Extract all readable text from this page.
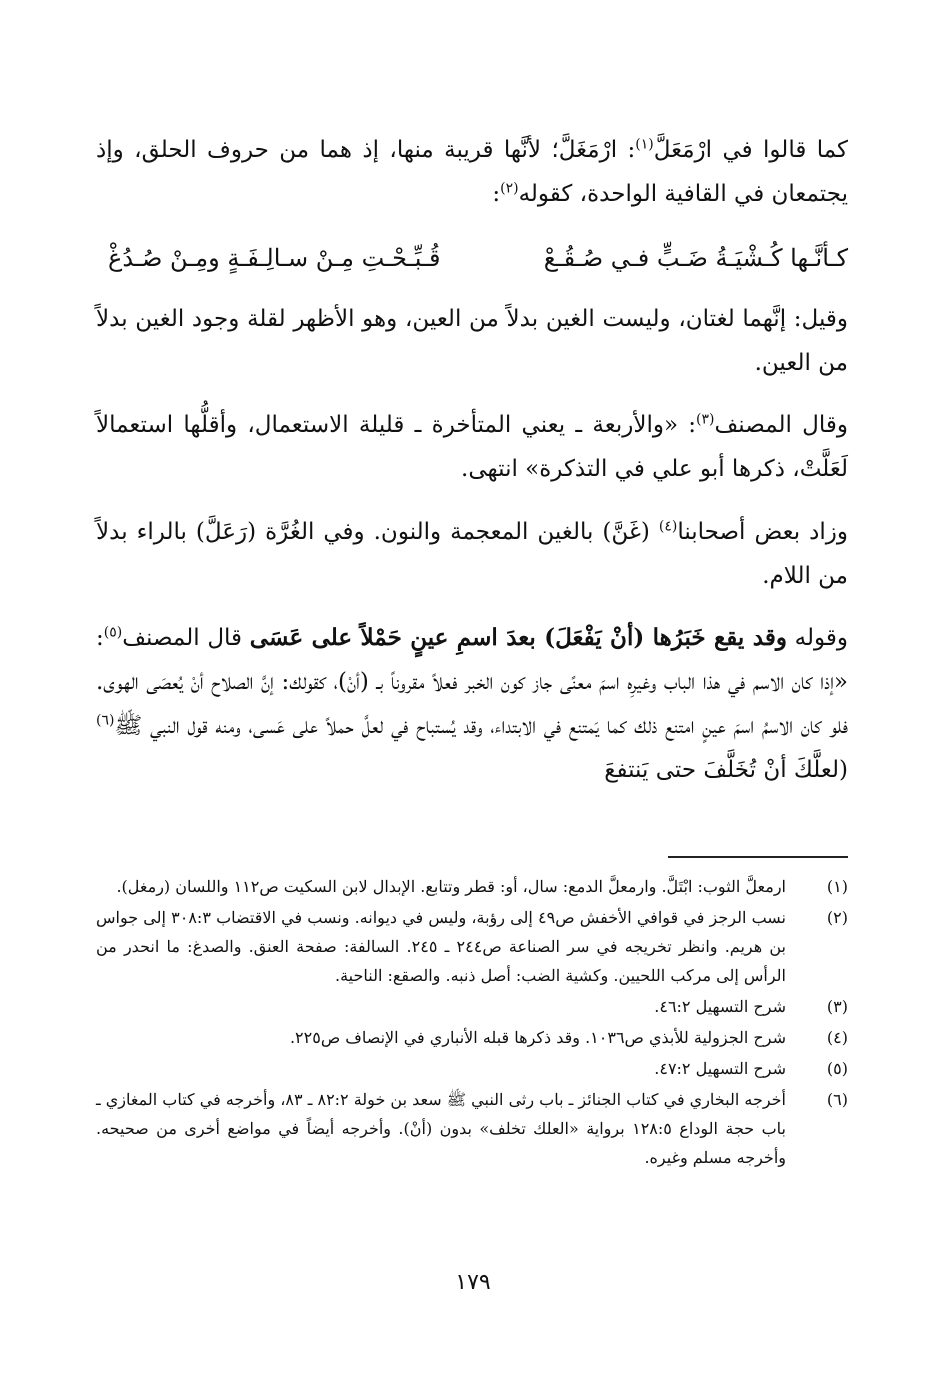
كما قالوا في ارْمَعَلَّ$^{(١)}$: ارْمَغَلَّ؛ لأنَّها قريبة منها، إذ هما من حروف الحلق، وإذ يجتمعان في القافية الواحدة، كقوله$^{(٢)}$:
كـأنَّـها كُـشْيَـةُ ضَـبٍّ فـي صُـقُـعْ
قُـبِّـحْـتِ مِـنْ سـالِـفَـةٍ ومِـنْ صُـدُغْ
وقيل: إنَّهما لغتان، وليست الغين بدلاً من العين، وهو الأظهر لقلة وجود الغين بدلاً من العين.
وقال المصنف$^{(٣)}$: «والأربعة ـ يعني المتأخرة ـ قليلة الاستعمال، وأقلُّها استعمالاً لَعَلَّتْ، ذكرها أبو علي في التذكرة» انتهى.
وزاد بعض أصحابنا$^{(٤)}$ (غَنَّ) بالغين المعجمة والنون. وفي الغُرَّة (رَعَلَّ) بالراء بدلاً من اللام.
وقوله وقد يقع خَبَرُها (أنْ يَفْعَلَ) بعدَ اسمِ عينٍ حَمْلاً على عَسَى قال المصنف$^{(٥)}$: «إذا كان الاسم في هذا الباب وغيرِه اسمَ معنًى جاز كون الخبر فعلاً مقروناً بـ (أنْ)، كقولك: إنَّ الصلاح أنْ يُعصَى الهوى. فلو كان الاسمُ اسمَ عينٍ امتنع ذلك كما يَمتنع في الابتداء، وقد يُستباح في لعلَّ حملاً على عَسى، ومنه قول النبي ﷺ$^{(٦)}$ (لعلَّكَ أنْ تُخَلَّفَ حتى يَنتفعَ
(١)
ارمعلَّ الثوب: ابْتَلَّ. وارمعلَّ الدمع: سال، أو: قطر وتتابع. الإبدال لابن السكيت ص١١٢ واللسان (رمغل).
(٢)
نسب الرجز في قوافي الأخفش ص٤٩ إلى رؤبة، وليس في ديوانه. ونسب في الاقتضاب ٣٠٨:٣ إلى جواس بن هريم. وانظر تخريجه في سر الصناعة ص٢٤٤ ـ ٢٤٥. السالفة: صفحة العنق. والصدغ: ما انحدر من الرأس إلى مركب اللحيين. وكشية الضب: أصل ذنبه. والصقع: الناحية.
(٣)
شرح التسهيل ٤٦:٢.
(٤)
شرح الجزولية للأبذي ص١٠٣٦. وقد ذكرها قبله الأنباري في الإنصاف ص٢٢٥.
(٥)
شرح التسهيل ٤٧:٢.
(٦)
أخرجه البخاري في كتاب الجنائز ـ باب رثى النبي ﷺ سعد بن خولة ٨٢:٢ ـ ٨٣، وأخرجه في كتاب المغازي ـ باب حجة الوداع ١٢٨:٥ برواية «العلك تخلف» بدون (أنْ). وأخرجه أيضاً في مواضع أخرى من صحيحه. وأخرجه مسلم وغيره.
١٧٩
